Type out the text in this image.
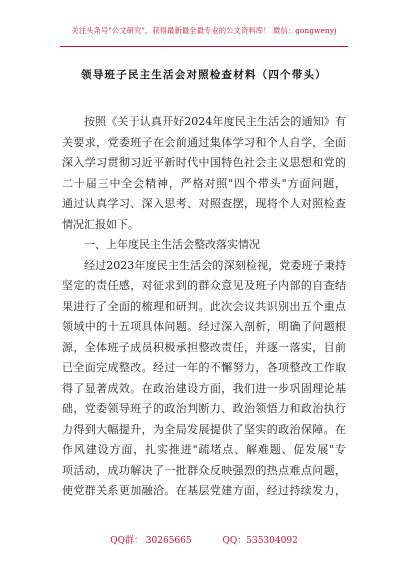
关注头条号"公文研究"，获得最新最全最专业的公文资料库！ 微信：gongwenyj
领导班子民主生活会对照检查材料（四个带头）
按照《关于认真开好2024年度民主生活会的通知》有
关要求，党委班子在会前通过集体学习和个人自学，全面
深入学习贯彻习近平新时代中国特色社会主义思想和党的
二十届三中全会精神，严格对照"四个带头"方面问题，
通过认真学习、深入思考、对照查摆，现将个人对照检查
情况汇报如下。
一、上年度民主生活会整改落实情况
经过2023年度民主生活会的深刻检视，党委班子秉持
坚定的责任感，对征求到的群众意见及班子内部的自查结
果进行了全面的梳理和研判。此次会议共识别出五个重点
领域中的十五项具体问题。经过深入剖析，明确了问题根
源，全体班子成员积极承担整改责任，并逐一落实，目前
已全面完成整改。经过一年的不懈努力，各项整改工作取
得了显著成效。在政治建设方面，我们进一步巩固理论基
础，党委领导班子的政治判断力、政治领悟力和政治执行
力得到大幅提升，为全局发展提供了坚实的政治保障。在
作风建设方面，扎实推进"疏堵点、解难题、促发展"专
项活动，成功解决了一批群众反映强烈的热点难点问题，
使党群关系更加融洽。在基层党建方面，经过持续发力，
QQ群： 30265665	QQ：535304092
